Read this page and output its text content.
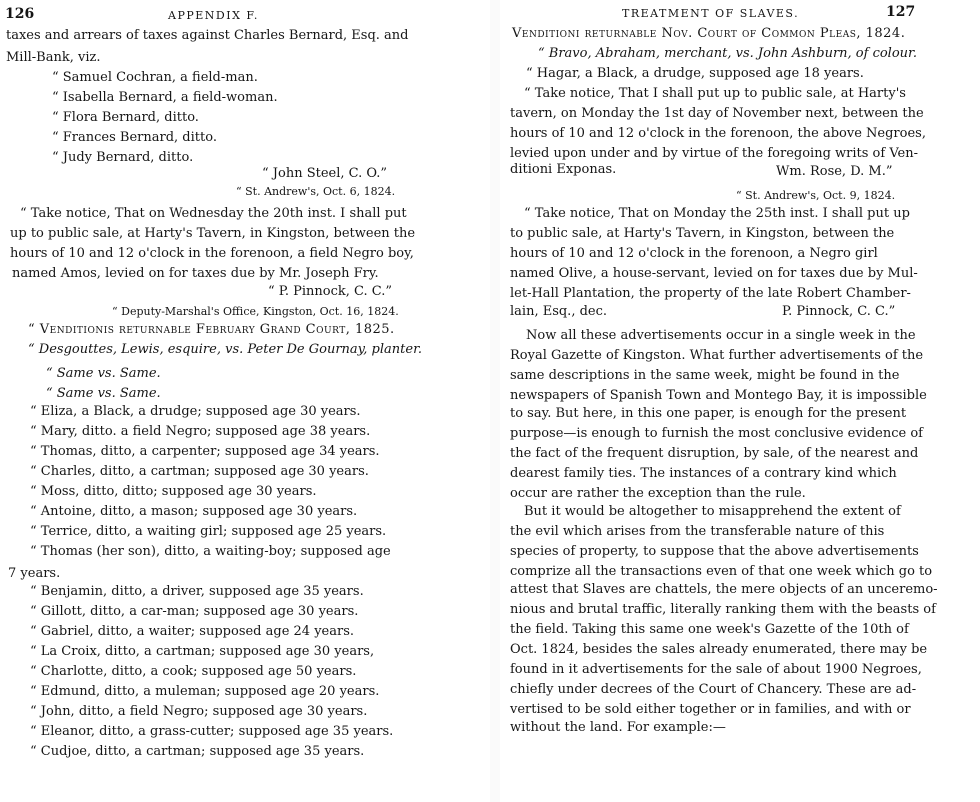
126	APPENDIX F.
taxes and arrears of taxes against Charles Bernard, Esq. and
Mill-Bank, viz.
“ Samuel Cochran, a field-man.
“ Isabella Bernard, a field-woman.
“ Flora Bernard, ditto.
“ Frances Bernard, ditto.
“ Judy Bernard, ditto.
“ John Steel, C. O.”
“ St. Andrew's, Oct. 6, 1824.
“ Take notice, That on Wednesday the 20th inst. I shall put
up to public sale, at Harty's Tavern, in Kingston, between the
hours of 10 and 12 o'clock in the forenoon, a field Negro boy,
named Amos, levied on for taxes due by Mr. Joseph Fry.
“ P. Pinnock, C. C.”
“ Deputy-Marshal's Office, Kingston, Oct. 16, 1824.
“ Venditionis returnable February Grand Court, 1825.
“ Desgouttes, Lewis, esquire, vs. Peter De Gournay, planter.
“ Same vs. Same.
“ Same vs. Same.
“ Eliza, a Black, a drudge; supposed age 30 years.
“ Mary, ditto. a field Negro; supposed age 38 years.
“ Thomas, ditto, a carpenter; supposed age 34 years.
“ Charles, ditto, a cartman; supposed age 30 years.
“ Moss, ditto, ditto; supposed age 30 years.
“ Antoine, ditto, a mason; supposed age 30 years.
“ Terrice, ditto, a waiting girl; supposed age 25 years.
“ Thomas (her son), ditto, a waiting-boy; supposed age
7 years.
“ Benjamin, ditto, a driver, supposed age 35 years.
“ Gillott, ditto, a car-man; supposed age 30 years.
“ Gabriel, ditto, a waiter; supposed age 24 years.
“ La Croix, ditto, a cartman; supposed age 30 years,
“ Charlotte, ditto, a cook; supposed age 50 years.
“ Edmund, ditto, a muleman; supposed age 20 years.
“ John, ditto, a field Negro; supposed age 30 years.
“ Eleanor, ditto, a grass-cutter; supposed age 35 years.
“ Cudjoe, ditto, a cartman; supposed age 35 years.
TREATMENT OF SLAVES.	127
Venditioni returnable Nov. Court of Common Pleas, 1824.
“ Bravo, Abraham, merchant, vs. John Ashburn, of colour.
“ Hagar, a Black, a drudge, supposed age 18 years.
“ Take notice, That I shall put up to public sale, at Harty's
tavern, on Monday the 1st day of November next, between the
hours of 10 and 12 o'clock in the forenoon, the above Negroes,
levied upon under and by virtue of the foregoing writs of Ven-
ditioni Exponas.	Wm. Rose, D. M.”
“ St. Andrew's, Oct. 9, 1824.
“ Take notice, That on Monday the 25th inst. I shall put up
to public sale, at Harty's Tavern, in Kingston, between the
hours of 10 and 12 o'clock in the forenoon, a Negro girl
named Olive, a house-servant, levied on for taxes due by Mul-
let-Hall Plantation, the property of the late Robert Chamber-
lain, Esq., dec.	P. Pinnock, C. C.”
Now all these advertisements occur in a single week in the
Royal Gazette of Kingston. What further advertisements of the
same descriptions in the same week, might be found in the
newspapers of Spanish Town and Montego Bay, it is impossible
to say. But here, in this one paper, is enough for the present
purpose—is enough to furnish the most conclusive evidence of
the fact of the frequent disruption, by sale, of the nearest and
dearest family ties. The instances of a contrary kind which
occur are rather the exception than the rule.
But it would be altogether to misapprehend the extent of
the evil which arises from the transferable nature of this
species of property, to suppose that the above advertisements
comprize all the transactions even of that one week which go to
attest that Slaves are chattels, the mere objects of an unceremo-
nious and brutal traffic, literally ranking them with the beasts of
the field. Taking this same one week's Gazette of the 10th of
Oct. 1824, besides the sales already enumerated, there may be
found in it advertisements for the sale of about 1900 Negroes,
chiefly under decrees of the Court of Chancery. These are ad-
vertised to be sold either together or in families, and with or
without the land. For example:—
